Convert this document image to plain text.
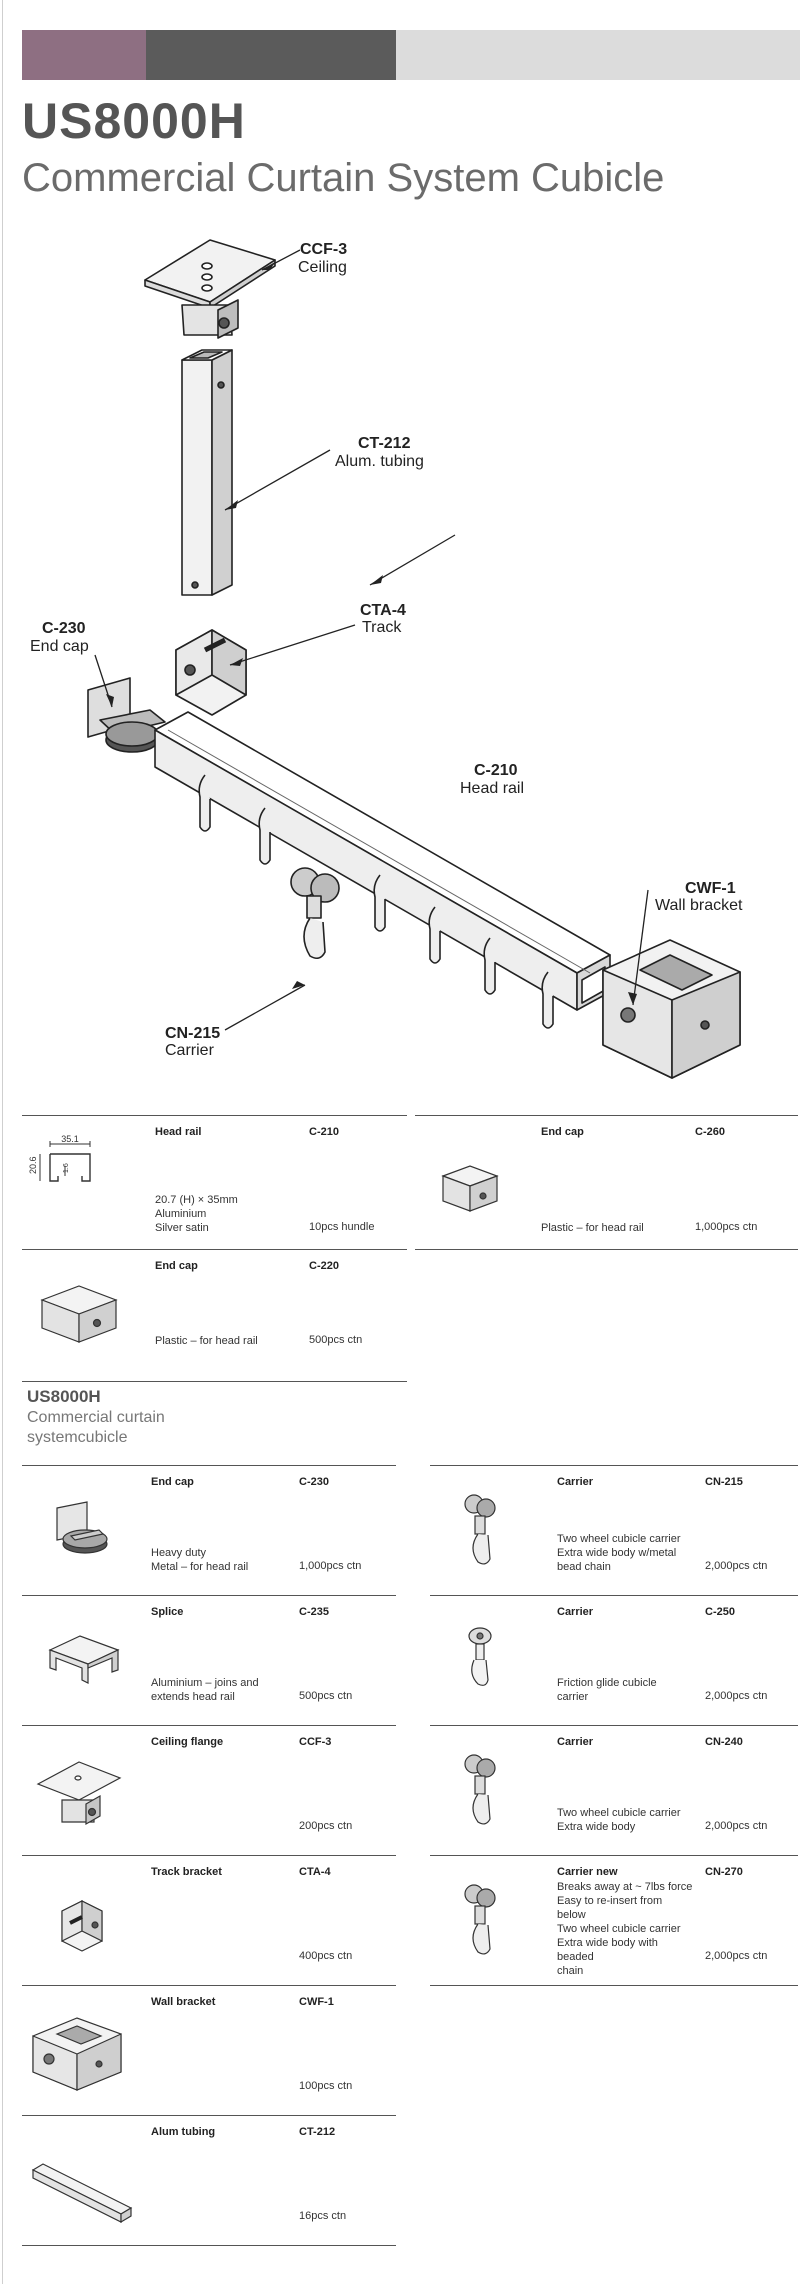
US8000H
Commercial Curtain System Cubicle
CCF-3
Ceiling
CT-212
Alum. tubing
CTA-4
Track
C-230
End cap
C-210
Head rail
CWF-1
Wall bracket
CN-215
Carrier
35.1
20.6	1.6
Head rail	C-210
20.7 (H) × 35mm
Aluminium
Silver satin	10pcs hundle
End cap	C-260
Plastic – for head rail	1,000pcs ctn
End cap	C-220
Plastic – for head rail	500pcs ctn
US8000H
Commercial curtain systemcubicle
End cap	C-230
Heavy duty
Metal – for head rail	1,000pcs ctn
Splice	C-235
Aluminium – joins and
extends head rail	500pcs ctn
Ceiling flange	CCF-3
200pcs ctn
Track bracket	CTA-4
400pcs ctn
Wall bracket	CWF-1
100pcs ctn
Alum tubing	CT-212
16pcs ctn
Carrier	CN-215
Two wheel cubicle carrier
Extra wide body w/metal
bead chain	2,000pcs ctn
Carrier	C-250
Friction glide cubicle
carrier	2,000pcs ctn
Carrier	CN-240
Two wheel cubicle carrier
Extra wide body	2,000pcs ctn
Carrier new	CN-270
Breaks away at ~ 7lbs force
Easy to re-insert from
below
Two wheel cubicle carrier
Extra wide body with
beaded
chain
2,000pcs ctn
